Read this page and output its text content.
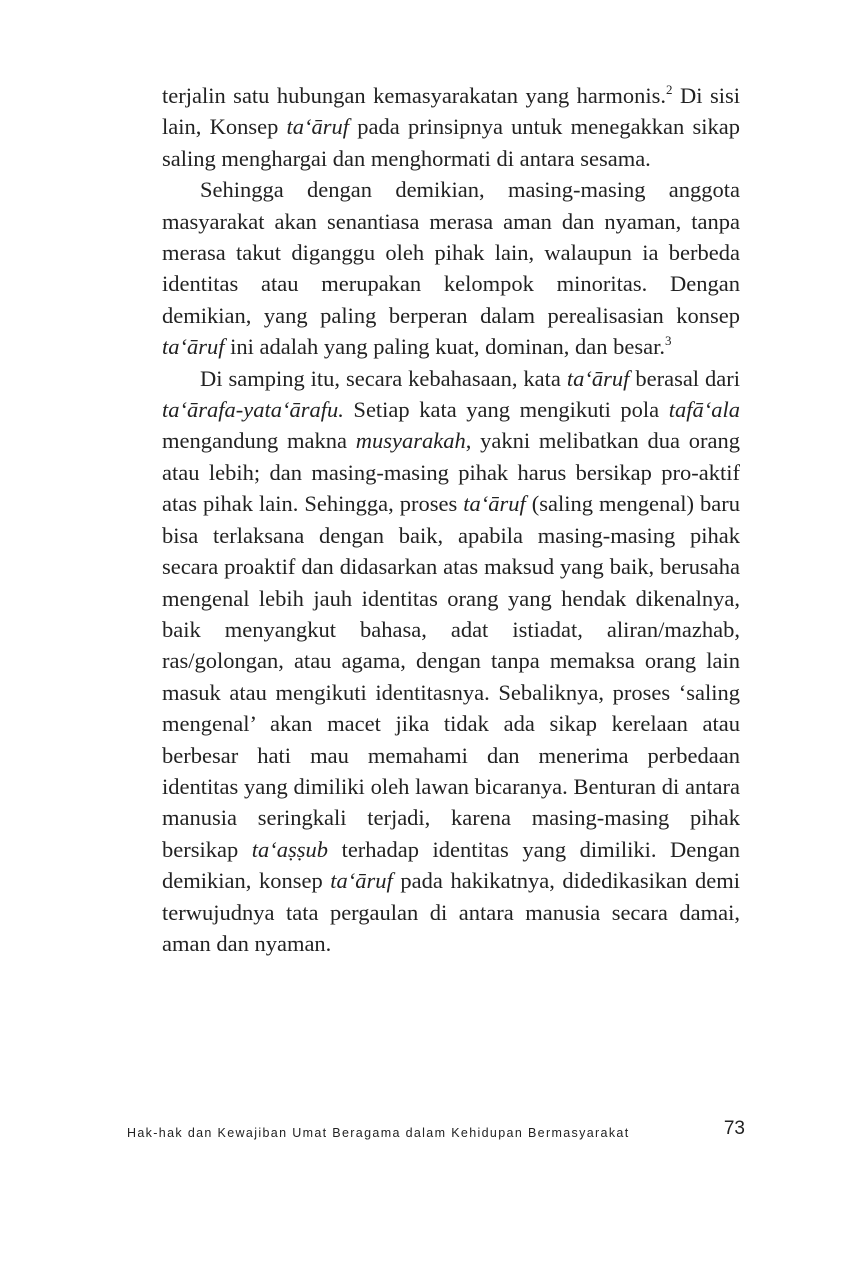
terjalin satu hubungan kemasyarakatan yang harmonis.$^2$ Di sisi lain, Konsep ta‘āruf pada prinsipnya untuk menegakkan sikap saling menghargai dan menghormati di antara sesama.

Sehingga dengan demikian, masing-masing anggota masyarakat akan senantiasa merasa aman dan nyaman, tanpa merasa takut diganggu oleh pihak lain, walaupun ia berbeda identitas atau merupakan kelompok minoritas. Dengan demikian, yang paling berperan dalam perealisasian konsep ta‘āruf ini adalah yang paling kuat, dominan, dan besar.$^3$

Di samping itu, secara kebahasaan, kata ta‘āruf berasal dari ta‘ārafa-yata‘ārafu. Setiap kata yang mengikuti pola tafā‘ala mengandung makna musyarakah, yakni melibatkan dua orang atau lebih; dan masing-masing pihak harus bersikap pro-aktif atas pihak lain. Sehingga, proses ta‘āruf (saling mengenal) baru bisa terlaksana dengan baik, apabila masing-masing pihak secara proaktif dan didasarkan atas maksud yang baik, berusaha mengenal lebih jauh identitas orang yang hendak dikenalnya, baik menyangkut bahasa, adat istiadat, aliran/mazhab, ras/golongan, atau agama, dengan tanpa memaksa orang lain masuk atau mengikuti identitasnya. Sebaliknya, proses ‘saling mengenal’ akan macet jika tidak ada sikap kerelaan atau berbesar hati mau memahami dan menerima perbedaan identitas yang dimiliki oleh lawan bicaranya. Benturan di antara manusia seringkali terjadi, karena masing-masing pihak bersikap ta‘aṣṣub terhadap identitas yang dimiliki. Dengan demikian, konsep ta‘āruf pada hakikatnya, didedikasikan demi terwujudnya tata pergaulan di antara manusia secara damai, aman dan nyaman.

Hak-hak dan Kewajiban Umat Beragama dalam Kehidupan Bermasyarakat	73
